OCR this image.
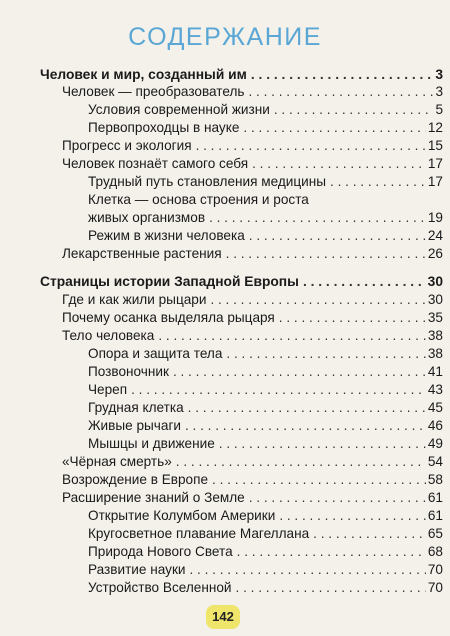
СОДЕРЖАНИЕ
Человек и мир, созданный им . . .	3
Человек — преобразователь . . .	3
Условия современной жизни . . .	5
Первопроходцы в науке . . .	12
Прогресс и экология . . .	15
Человек познаёт самого себя . . .	17
Трудный путь становления медицины . . .	17
Клетка — основа строения и роста
живых организмов . . .	19
Режим в жизни человека . . .	24
Лекарственные растения . . .	26
Страницы истории Западной Европы . . .	30
Где и как жили рыцари . . .	30
Почему осанка выделяла рыцаря . . .	35
Тело человека . . .	38
Опора и защита тела . . .	38
Позвоночник . . .	41
Череп . . .	43
Грудная клетка . . .	45
Живые рычаги . . .	46
Мышцы и движение . . .	49
«Чёрная смерть» . . .	54
Возрождение в Европе . . .	58
Расширение знаний о Земле . . .	61
Открытие Колумбом Америки . . .	61
Кругосветное плавание Магеллана . . .	65
Природа Нового Света . . .	68
Развитие науки . . .	70
Устройство Вселенной . . .	70
142
